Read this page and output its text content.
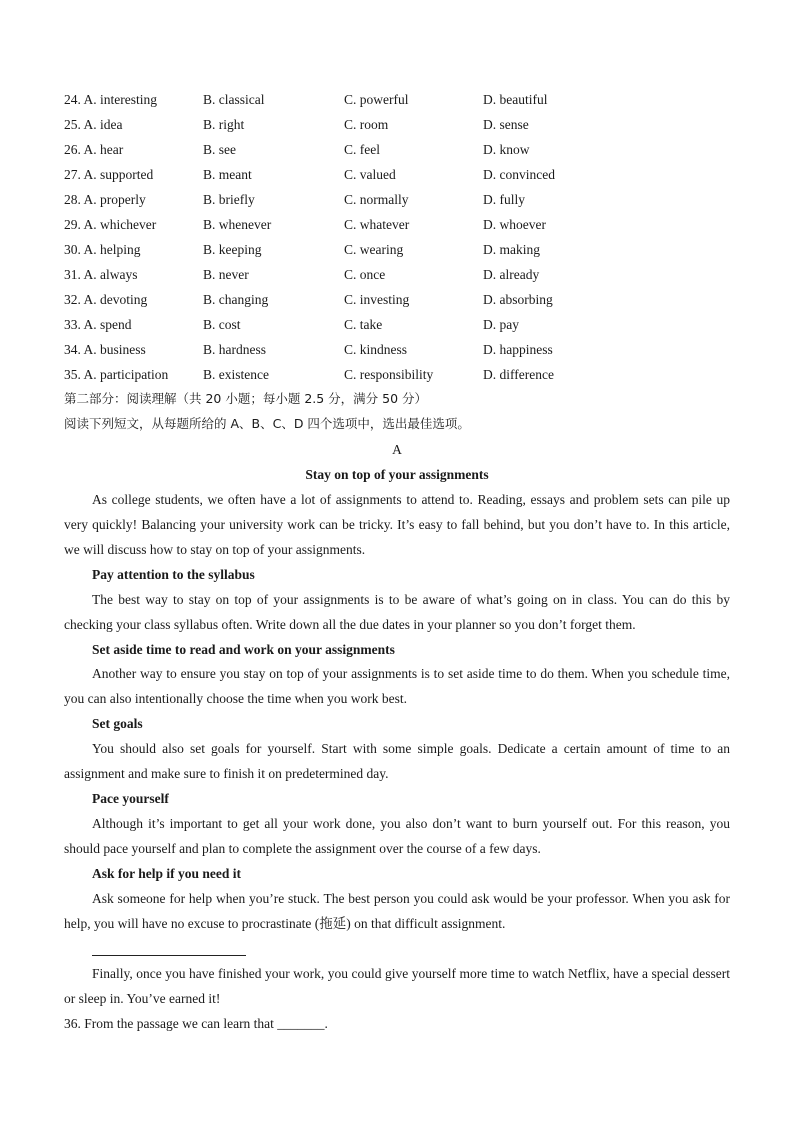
24. A. interesting	B. classical	C. powerful	D. beautiful
25. A. idea	B. right	C. room	D. sense
26. A. hear	B. see	C. feel	D. know
27. A. supported	B. meant	C. valued	D. convinced
28. A. properly	B. briefly	C. normally	D. fully
29. A. whichever	B. whenever	C. whatever	D. whoever
30. A. helping	B. keeping	C. wearing	D. making
31. A. always	B. never	C. once	D. already
32. A. devoting	B. changing	C. investing	D. absorbing
33. A. spend	B. cost	C. take	D. pay
34. A. business	B. hardness	C. kindness	D. happiness
35. A. participation	B. existence	C. responsibility	D. difference
第二部分：阅读理解（共 20 小题；每小题 2.5 分，满分 50 分）
阅读下列短文，从每题所给的 A、B、C、D 四个选项中，选出最佳选项。
A
Stay on top of your assignments
As college students, we often have a lot of assignments to attend to. Reading, essays and problem sets can pile up very quickly! Balancing your university work can be tricky. It’s easy to fall behind, but you don’t have to. In this article, we will discuss how to stay on top of your assignments.
Pay attention to the syllabus
The best way to stay on top of your assignments is to be aware of what’s going on in class. You can do this by checking your class syllabus often. Write down all the due dates in your planner so you don’t forget them.
Set aside time to read and work on your assignments
Another way to ensure you stay on top of your assignments is to set aside time to do them. When you schedule time, you can also intentionally choose the time when you work best.
Set goals
You should also set goals for yourself. Start with some simple goals. Dedicate a certain amount of time to an assignment and make sure to finish it on predetermined day.
Pace yourself
Although it’s important to get all your work done, you also don’t want to burn yourself out. For this reason, you should pace yourself and plan to complete the assignment over the course of a few days.
Ask for help if you need it
Ask someone for help when you’re stuck. The best person you could ask would be your professor. When you ask for help, you will have no excuse to procrastinate (拖延) on that difficult assignment.
Finally, once you have finished your work, you could give yourself more time to watch Netflix, have a special dessert or sleep in. You’ve earned it!
36. From the passage we can learn that _______.
